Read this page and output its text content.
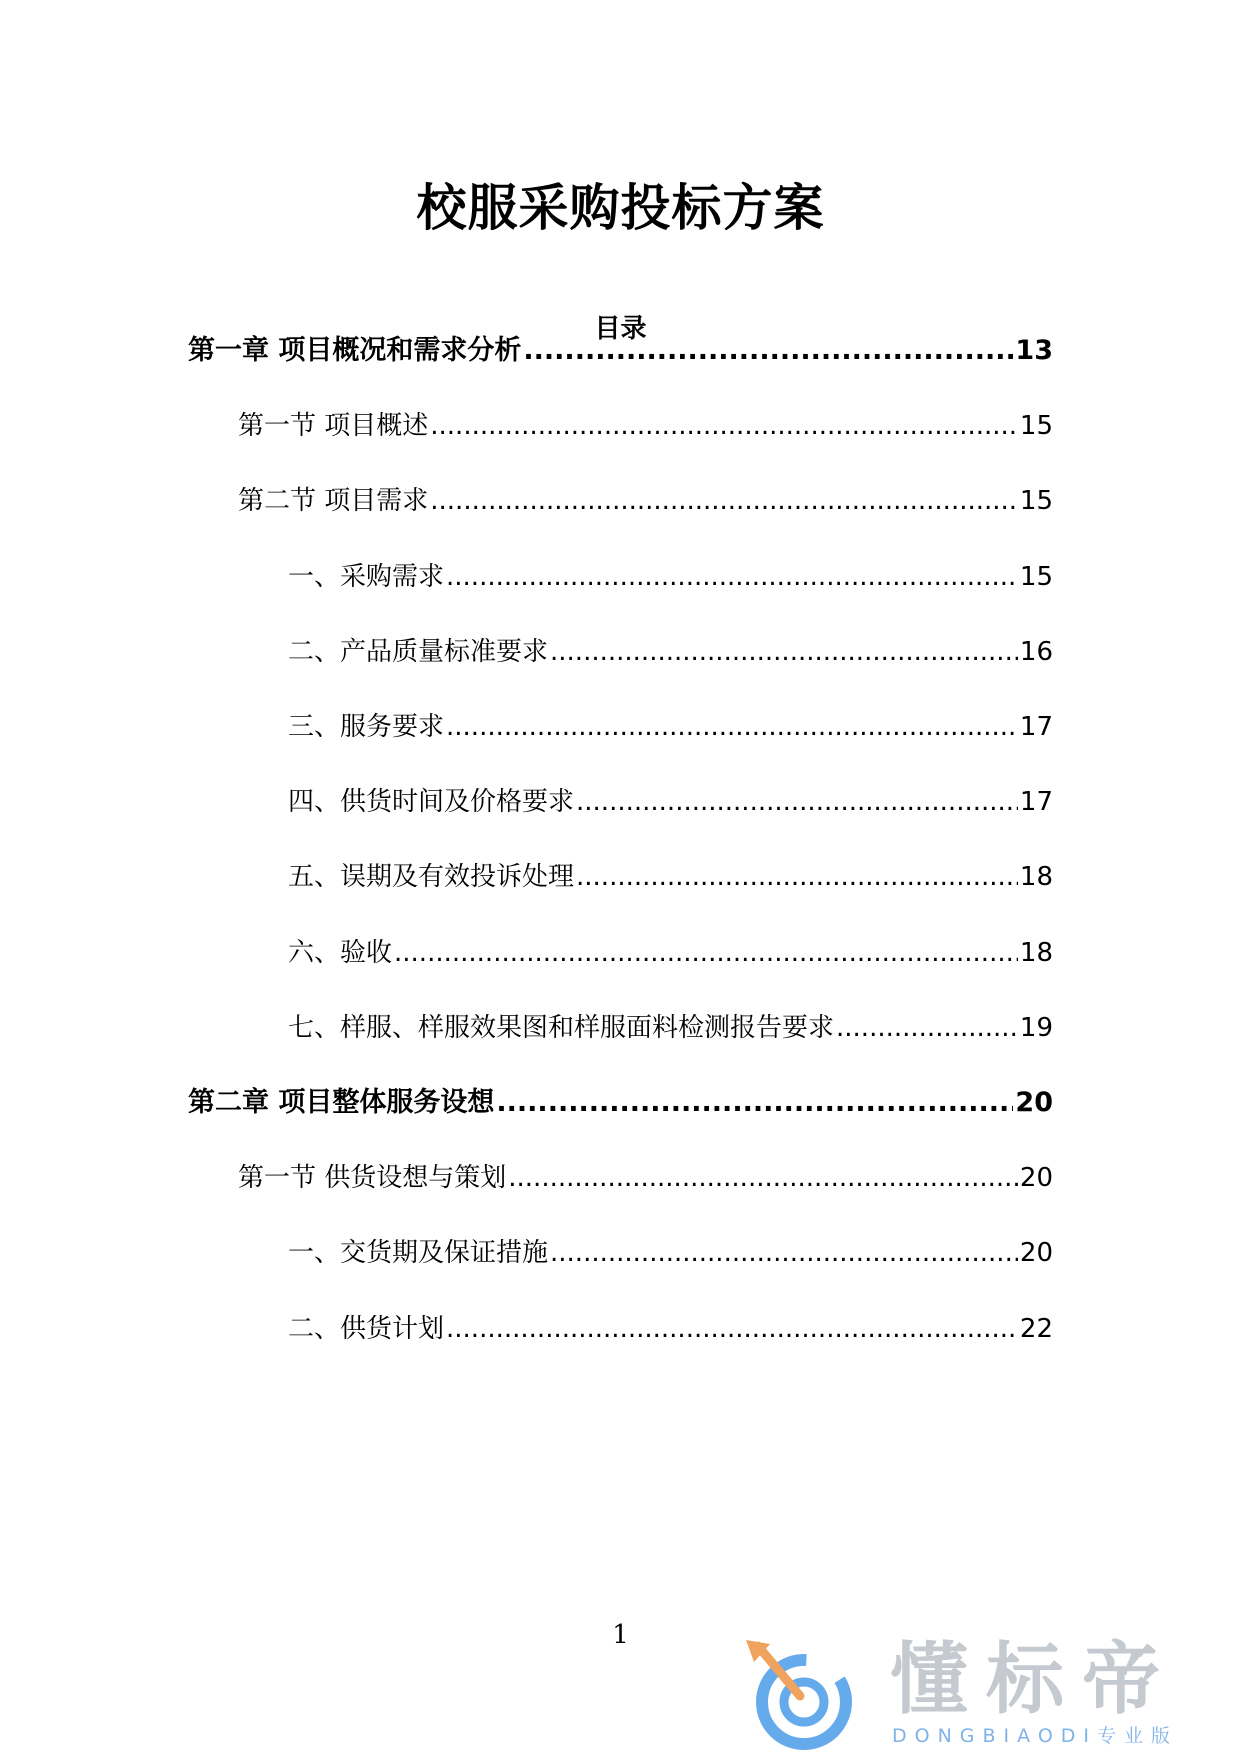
校服采购投标方案
目录
第一章 项目概况和需求分析 .....	13
第一节 项目概述 .....	15
第二节 项目需求 .....	15
一、采购需求 .....	15
二、产品质量标准要求 .....	16
三、服务要求 .....	17
四、供货时间及价格要求 .....	17
五、误期及有效投诉处理 .....	18
六、验收 .....	18
七、样服、样服效果图和样服面料检测报告要求 .....	19
第二章 项目整体服务设想 .....	20
第一节 供货设想与策划 .....	20
一、交货期及保证措施 .....	20
二、供货计划 .....	22
1	懂标帝
DONGBIAODI专业版
